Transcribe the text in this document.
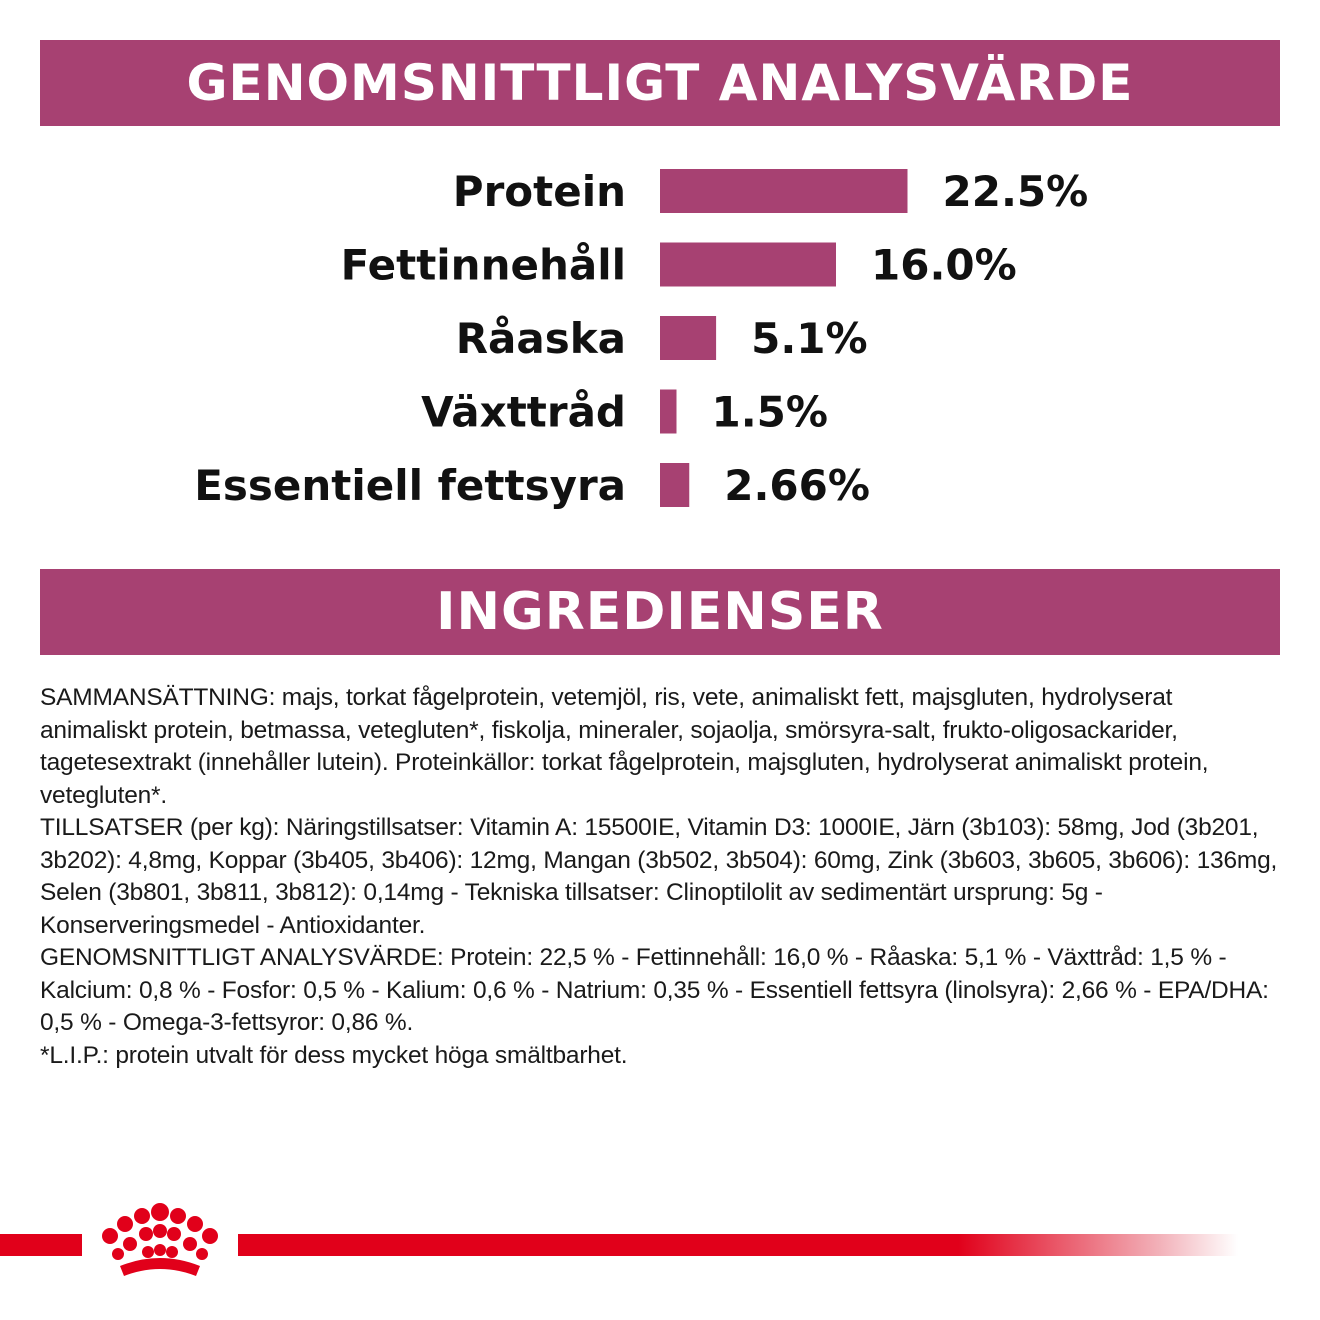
GENOMSNITTLIGT ANALYSVÄRDE
Protein	22.5%
Fettinnehåll	16.0%
Råaska	5.1%
Växttråd 1.5%
Essentiell fettsyra 2.66%
INGREDIENSER

SAMMANSÄTTNING: majs, torkat fågelprotein, vetemjöl, ris, vete, animaliskt fett, majsgluten, hydrolyserat animaliskt protein, betmassa, vetegluten*, fiskolja, mineraler, sojaolja, smörsyra-salt, frukto-oligosackarider, tagetesextrakt (innehåller lutein). Proteinkällor: torkat fågelprotein, majsgluten, hydrolyserat animaliskt protein, vetegluten*.

TILLSATSER (per kg): Näringstillsatser: Vitamin A: 15500IE, Vitamin D3: 1000IE, Järn (3b103): 58mg, Jod (3b201, 3b202): 4,8mg, Koppar (3b405, 3b406): 12mg, Mangan (3b502, 3b504): 60mg, Zink (3b603, 3b605, 3b606): 136mg, Selen (3b801, 3b811, 3b812): 0,14mg - Tekniska tillsatser: Clinoptilolit av sedimentärt ursprung: 5g - Konserveringsmedel - Antioxidanter.

GENOMSNITTLIGT ANALYSVÄRDE: Protein: 22,5 % - Fettinnehåll: 16,0 % - Råaska: 5,1 % - Växttråd: 1,5 % - Kalcium: 0,8 % - Fosfor: 0,5 % - Kalium: 0,6 % - Natrium: 0,35 % - Essentiell fettsyra (linolsyra): 2,66 % - EPA/DHA: 0,5 % - Omega-3-fettsyror: 0,86 %.

*L.I.P.: protein utvalt för dess mycket höga smältbarhet.
